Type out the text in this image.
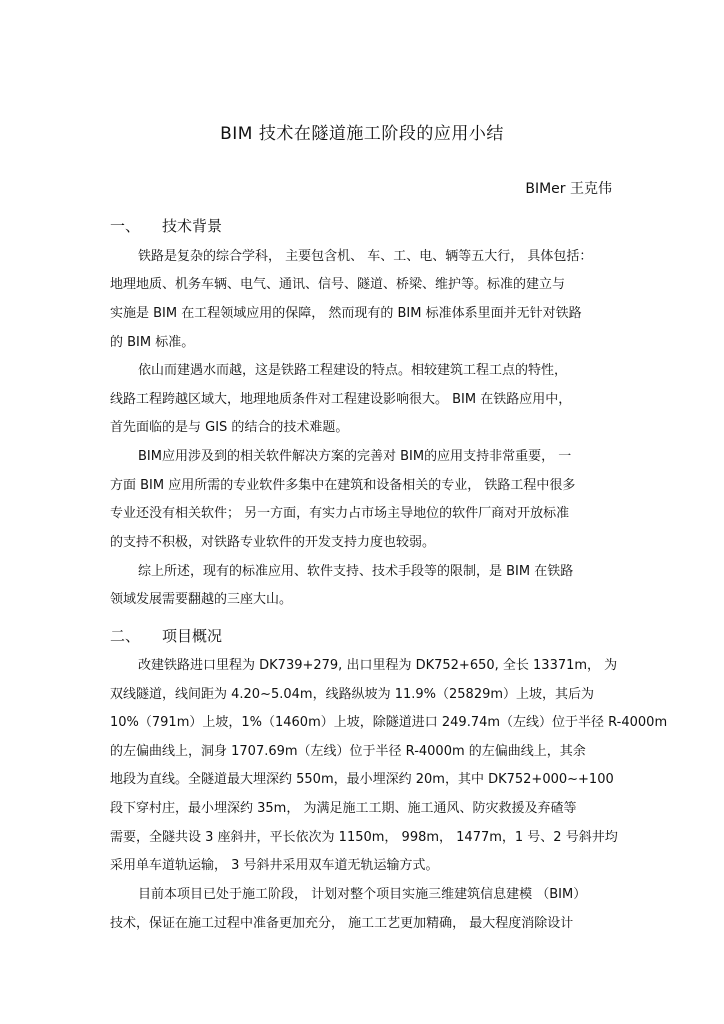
BIM 技术在隧道施工阶段的应用小结
BIMer 王克伟
一、 技术背景
铁路是复杂的综合学科， 主要包含机、 车、工、电、辆等五大行， 具体包括：
地理地质、机务车辆、电气、通讯、信号、隧道、桥梁、维护等。标准的建立与
实施是 BIM 在工程领域应用的保障， 然而现有的 BIM 标准体系里面并无针对铁路
的 BIM 标准。
依山而建遇水而越，这是铁路工程建设的特点。相较建筑工程工点的特性，
线路工程跨越区域大，地理地质条件对工程建设影响很大。 BIM 在铁路应用中，
首先面临的是与 GIS 的结合的技术难题。
BIM应用涉及到的相关软件解决方案的完善对 BIM的应用支持非常重要， 一
方面 BIM 应用所需的专业软件多集中在建筑和设备相关的专业， 铁路工程中很多
专业还没有相关软件； 另一方面，有实力占市场主导地位的软件厂商对开放标准
的支持不积极，对铁路专业软件的开发支持力度也较弱。
综上所述，现有的标准应用、软件支持、技术手段等的限制，是 BIM 在铁路
领域发展需要翻越的三座大山。
二、 项目概况
改建铁路进口里程为 DK739+279, 出口里程为 DK752+650, 全长 13371m， 为
双线隧道，线间距为 4.20~5.04m，线路纵坡为 11.9%（25829m）上坡，其后为
10%（791m）上坡，1%（1460m）上坡，除隧道进口 249.74m（左线）位于半径 R-4000m
的左偏曲线上，洞身 1707.69m（左线）位于半径 R-4000m 的左偏曲线上，其余
地段为直线。全隧道最大埋深约 550m，最小埋深约 20m，其中 DK752+000~+100
段下穿村庄，最小埋深约 35m， 为满足施工工期、施工通风、防灾救援及弃碴等
需要，全隧共设 3 座斜井，平长依次为 1150m， 998m， 1477m，1 号、2 号斜井均
采用单车道轨运输， 3 号斜井采用双车道无轨运输方式。
目前本项目已处于施工阶段， 计划对整个项目实施三维建筑信息建模 （BIM）
技术，保证在施工过程中准备更加充分， 施工工艺更加精确， 最大程度消除设计
